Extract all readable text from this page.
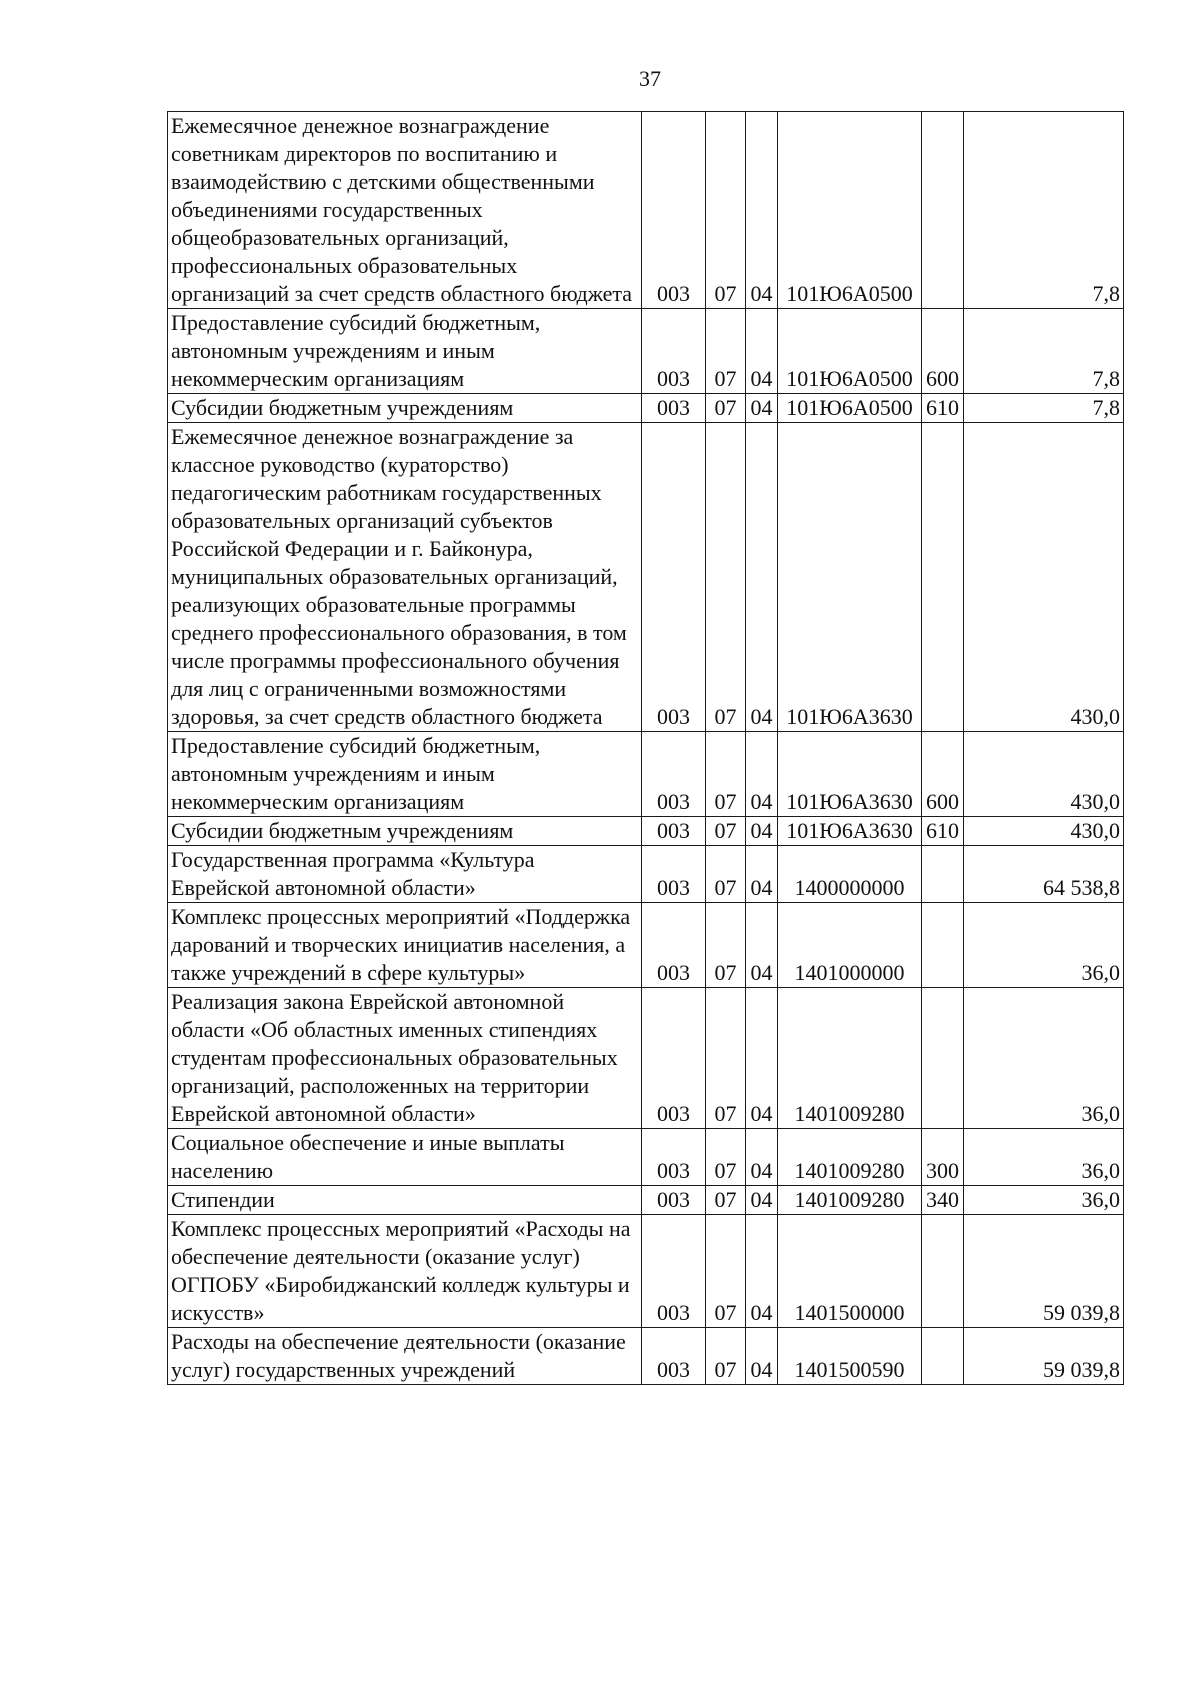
37
Ежемесячное денежное вознаграждение советникам директоров по воспитанию и взаимодействию с детскими общественными объединениями государственных общеобразовательных организаций, профессиональных образовательных организаций за счет средств областного бюджета	003	07	04	101Ю6А0500		7,8
Предоставление субсидий бюджетным, автономным учреждениям и иным некоммерческим организациям	003	07	04	101Ю6А0500	600	7,8
Субсидии бюджетным учреждениям	003	07	04	101Ю6А0500	610	7,8
Ежемесячное денежное вознаграждение за классное руководство (кураторство) педагогическим работникам государственных образовательных организаций субъектов Российской Федерации и г. Байконура, муниципальных образовательных организаций, реализующих образовательные программы среднего профессионального образования, в том числе программы профессионального обучения для лиц с ограниченными возможностями здоровья, за счет средств областного бюджета	003	07	04	101Ю6А3630		430,0
Предоставление субсидий бюджетным, автономным учреждениям и иным некоммерческим организациям	003	07	04	101Ю6А3630	600	430,0
Субсидии бюджетным учреждениям	003	07	04	101Ю6А3630	610	430,0
Государственная программа «Культура Еврейской автономной области»	003	07	04	1400000000		64 538,8
Комплекс процессных мероприятий «Поддержка дарований и творческих инициатив населения, а также учреждений в сфере культуры»	003	07	04	1401000000		36,0
Реализация закона Еврейской автономной области «Об областных именных стипендиях студентам профессиональных образовательных организаций, расположенных на территории Еврейской автономной области»	003	07	04	1401009280		36,0
Социальное обеспечение и иные выплаты населению	003	07	04	1401009280	300	36,0
Стипендии	003	07	04	1401009280	340	36,0
Комплекс процессных мероприятий «Расходы на обеспечение деятельности (оказание услуг) ОГПОБУ «Биробиджанский колледж культуры и искусств»	003	07	04	1401500000		59 039,8
Расходы на обеспечение деятельности (оказание услуг) государственных учреждений	003	07	04	1401500590		59 039,8
